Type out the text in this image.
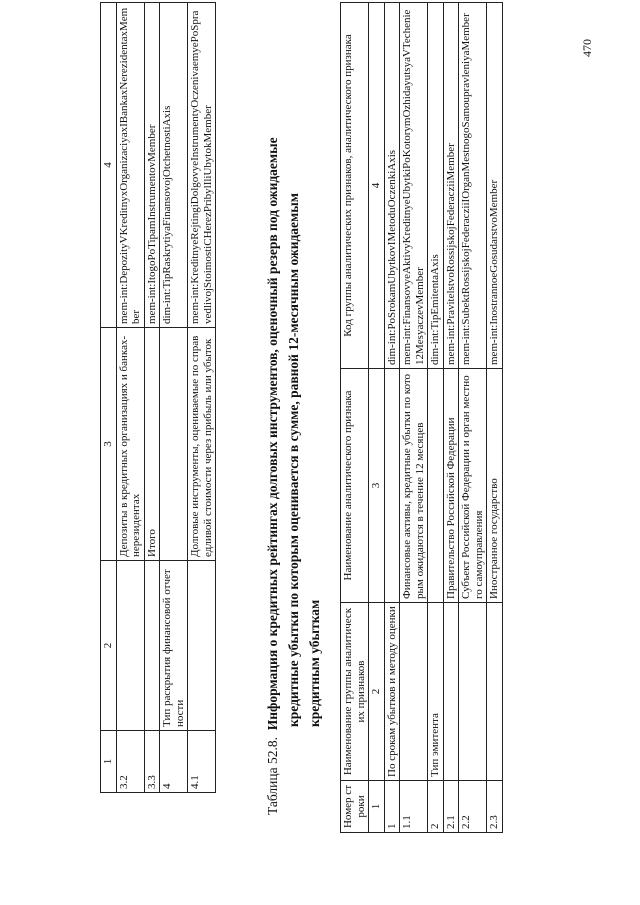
1	2	3	4
3.2		Депозиты в кредитных организациях и банках-нерезидентах	mem-int:DepozityVKreditnyxOrganizaciyaxIBankaxNerezidentaxMember
3.3		Итого	mem-int:ItogoPoTipamInstrumentovMember
4	Тип раскрытия финансовой отчетности		dim-int:TipRaskrytiyaFinansovojOtchetnostiAxis
4.1		Долговые инструменты, оцениваемые по справедливой стоимости через прибыль или убыток	mem-int:KreditnyeRejtingiDolgovyeInstrumentyOczenivaemyePoSpravedlivojStoimostiCHerezPribylIliUbytokMember
Таблица 52.8.  Информация о кредитных рейтингах долговых инструментов, оценочный резерв под ожидаемые кредитные убытки по которым оценивается в сумме, равной 12-месячным ожидаемым кредитным убыткам
Номер строки	Наименование группы аналитических признаков	Наименование аналитического признака	Код группы аналитических признаков, аналитического признака
1	2	3	4
1	По срокам убытков и методу оценки		dim-int:PoSrokamUbytkovIMetoduOczenkiAxis
1.1		Финансовые активы, кредитные убытки по которым ожидаются в течение 12 месяцев	mem-int:FinansovyeAktivyKreditnyeUbytkiPoKotorymOzhidayutsyaVTechenie12MesyaczevMember
2	Тип эмитента		dim-int:TipEmitentaAxis
2.1		Правительство Российской Федерации	mem-int:PravitelstvoRossijskojFederacziiMember
2.2		Субъект Российской Федерации и орган местного самоуправления	mem-int:SubektRossijskojFederacziiIOrganMestnogoSamoupravleniyaMember
2.3		Иностранное государство	mem-int:InostrannoeGosudarstvoMember
470
